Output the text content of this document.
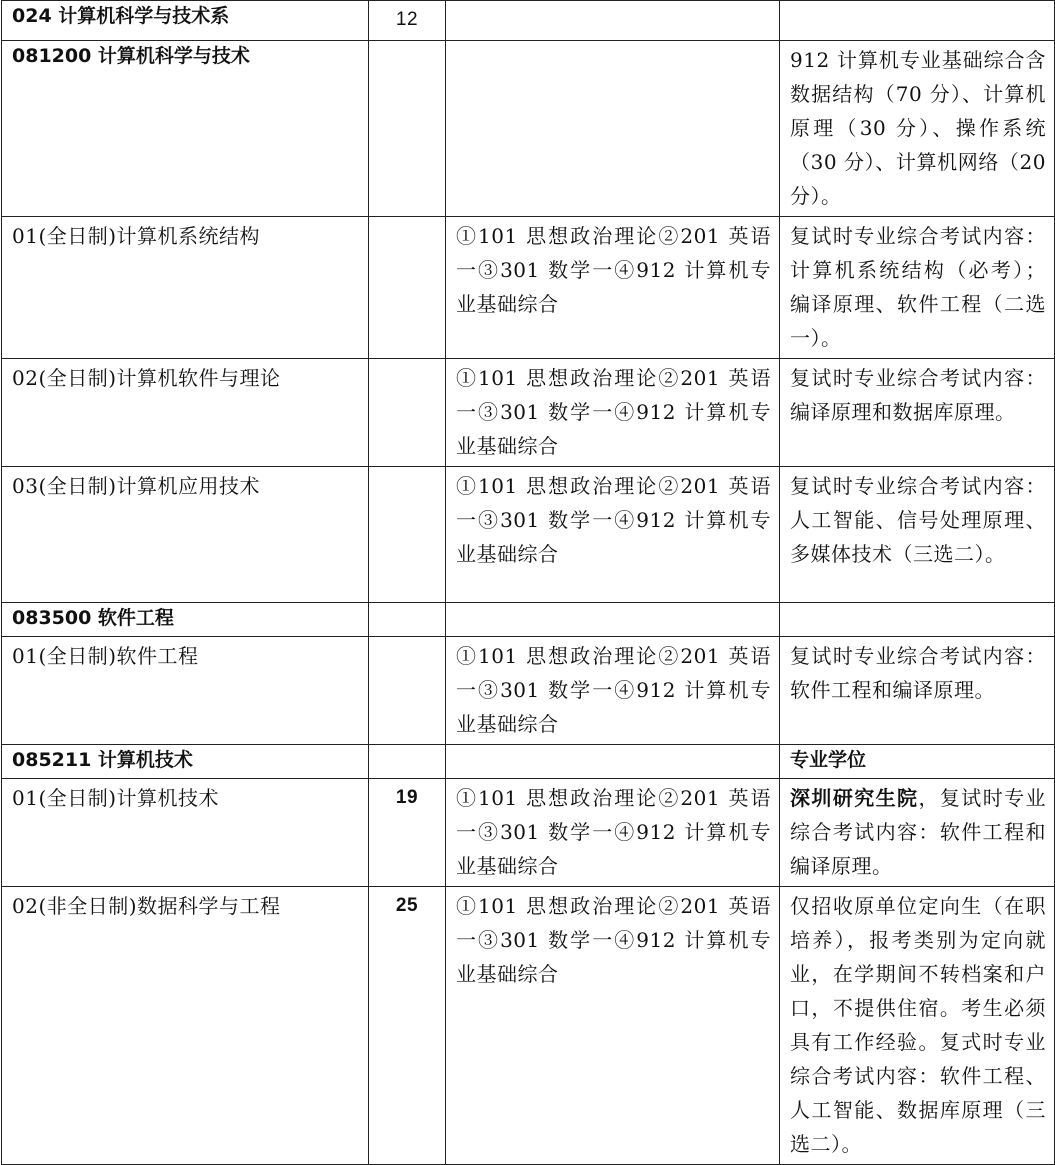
024 计算机科学与技术系	12		
081200 计算机科学与技术			912 计算机专业基础综合含数据结构（70 分）、计算机原理（30 分）、操作系统（30 分）、计算机网络（20 分）。
01(全日制)计算机系统结构		①101 思想政治理论②201 英语一③301 数学一④912 计算机专业基础综合	复试时专业综合考试内容：计算机系统结构（必考）；编译原理、软件工程（二选一）。
02(全日制)计算机软件与理论		①101 思想政治理论②201 英语一③301 数学一④912 计算机专业基础综合	复试时专业综合考试内容：编译原理和数据库原理。
03(全日制)计算机应用技术		①101 思想政治理论②201 英语一③301 数学一④912 计算机专业基础综合	复试时专业综合考试内容：人工智能、信号处理原理、多媒体技术（三选二）。
083500 软件工程			
01(全日制)软件工程		①101 思想政治理论②201 英语一③301 数学一④912 计算机专业基础综合	复试时专业综合考试内容：软件工程和编译原理。
085211 计算机技术			专业学位
01(全日制)计算机技术	19	①101 思想政治理论②201 英语一③301 数学一④912 计算机专业基础综合	深圳研究生院，复试时专业综合考试内容：软件工程和编译原理。
02(非全日制)数据科学与工程	25	①101 思想政治理论②201 英语一③301 数学一④912 计算机专业基础综合	仅招收原单位定向生（在职培养），报考类别为定向就业，在学期间不转档案和户口，不提供住宿。考生必须具有工作经验。复式时专业综合考试内容：软件工程、人工智能、数据库原理（三选二）。
